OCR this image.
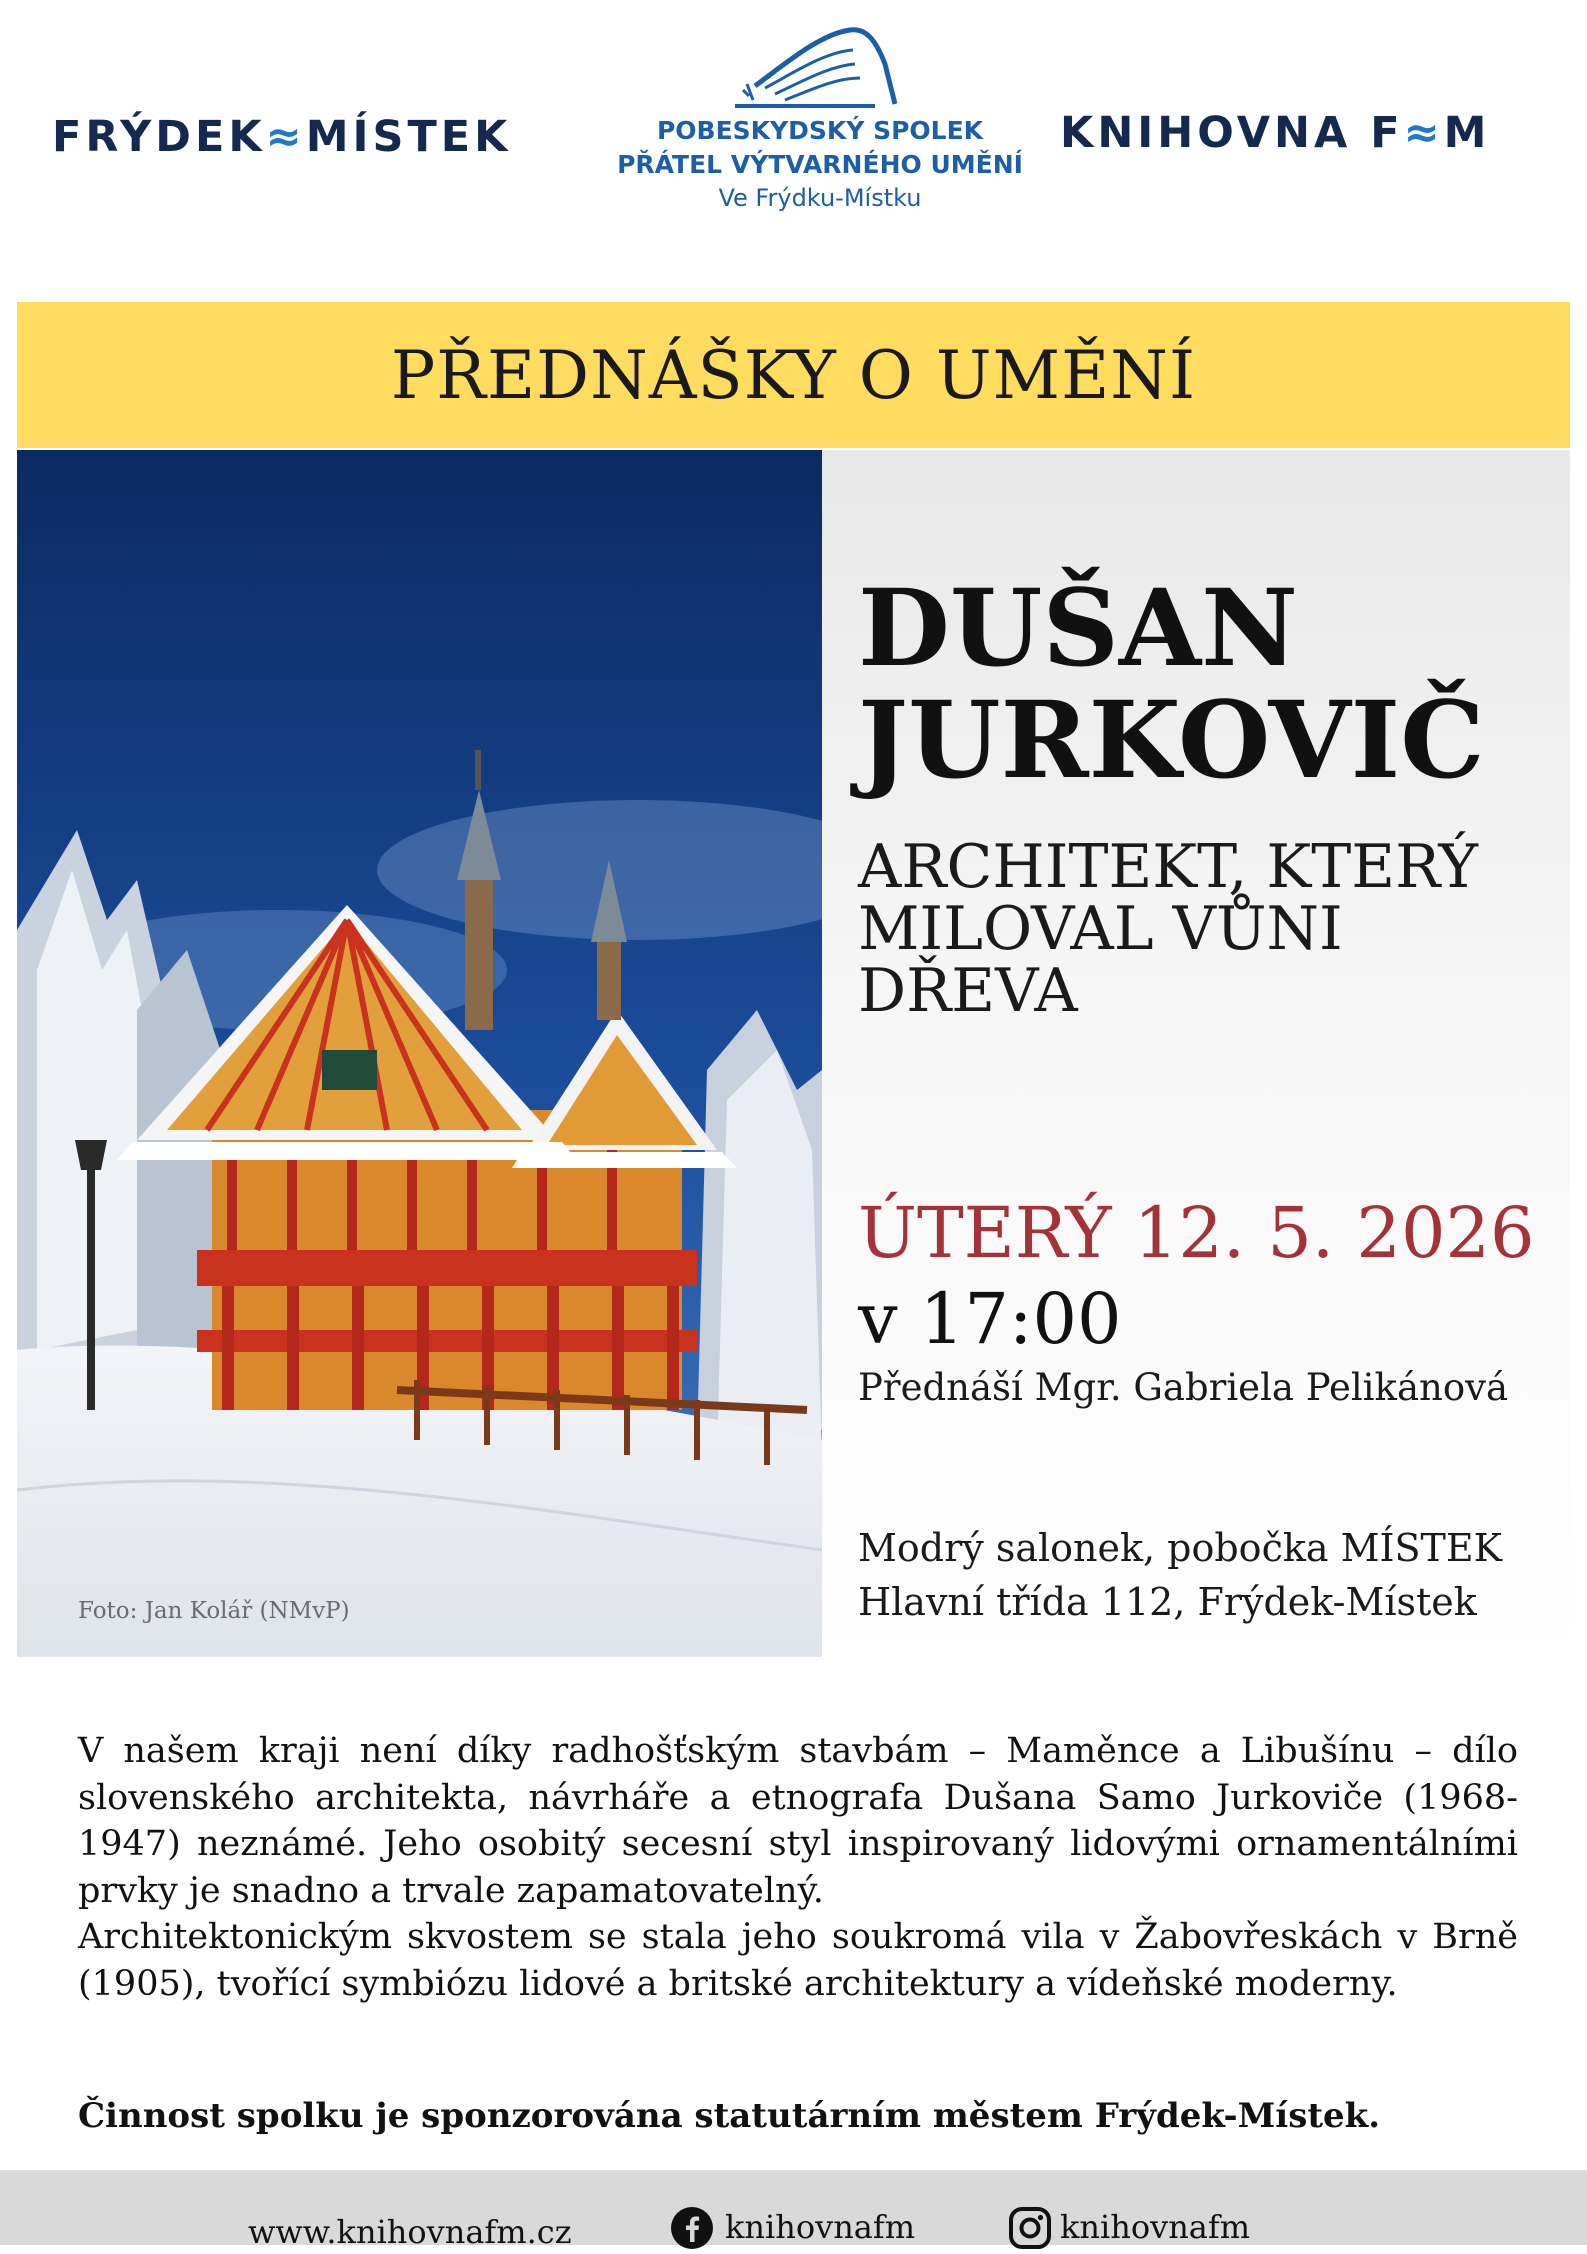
FRÝDEK≈MÍSTEK	POBESKYDSKÝ SPOLEK
PŘÁTEL VÝTVARNÉHO UMĚNÍ
Ve Frýdku-Místku
KNIHOVNA F≈M
PŘEDNÁŠKY O UMĚNÍ
Foto: Jan Kolář (NMvP)
DUŠAN
JURKOVIČ
ARCHITEKT, KTERÝ
MILOVAL VŮNI
DŘEVA
ÚTERÝ 12. 5. 2026
v 17:00
Přednáší Mgr. Gabriela Pelikánová
Modrý salonek, pobočka MÍSTEK
Hlavní třída 112, Frýdek-Místek

V našem kraji není díky radhošťským stavbám – Maměnce a Libušínu – dílo slovenského architekta, návrháře a etnografa Dušana Samo Jurkoviče (1968-1947) neznámé. Jeho osobitý secesní styl inspirovaný lidovými ornamentálními prvky je snadno a trvale zapamatovatelný.

Architektonickým skvostem se stala jeho soukromá vila v Žabovřeskách v Brně (1905), tvořící symbiózu lidové a britské architektury a vídeňské moderny.

Činnost spolku je sponzorována statutárním městem Frýdek-Místek.
www.knihovnafm.cz	knihovnafm	knihovnafm
